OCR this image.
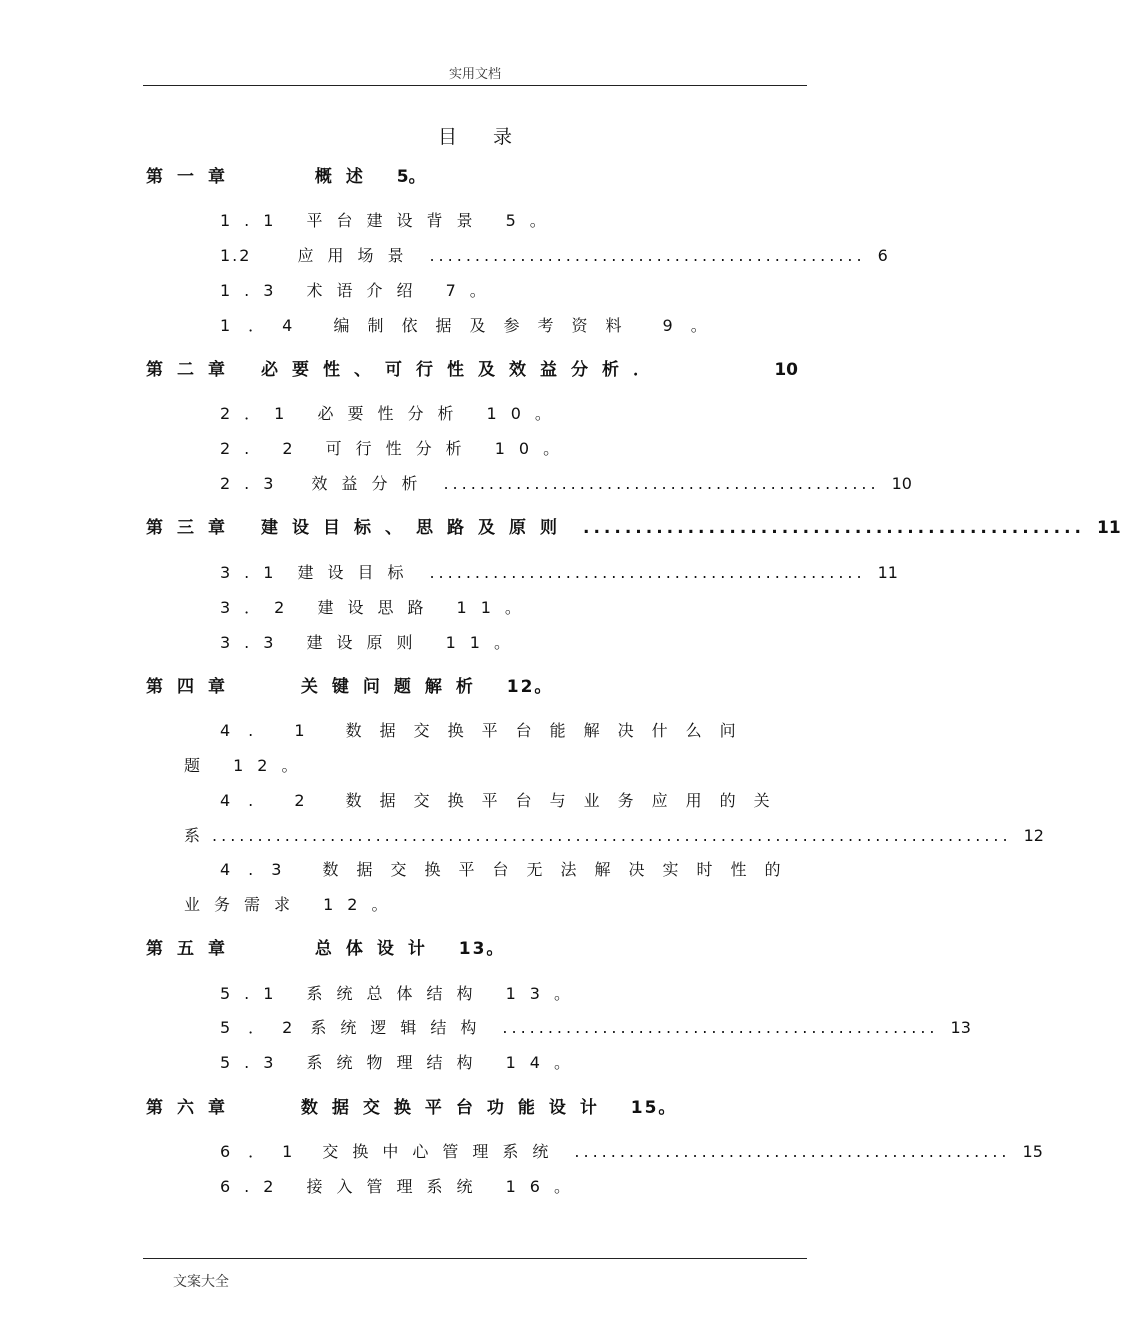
实用文档
目录
第一章	概述 5。
1.1 平台建设背景 5。
1.2	应用场景 ................................................ 6
1.3 术语介绍 7。
1．4 编制依据及参考资料 9。
第二章 必要性、可行性及效益分析．	10
2．1 必要性分析 10。
2. 2 可行性分析 10。
2.3 效益分析 ................................................ 10
第三章 建设目标、思路及原则 ................................................ 11
3.1 建设目标 ................................................ 11
3．2 建设思路 11。
3.3 建设原则 11。
第四章	关键问题解析 12。
4. 1 数据交换平台能解决什么问
题 12。
4. 2 数据交换平台与业务应用的关
系 ........................................................................................ 12
4.3 数据交换平台无法解决实时性的
业务需求 12。
第五章	总体设计 13。
5.1 系统总体结构 13。
5．2系统逻辑结构 ................................................ 13
5.3 系统物理结构 14。
第六章	数据交换平台功能设计 15。
6．1 交换中心管理系统 ................................................ 15
6.2 接入管理系统 16。
文案大全
